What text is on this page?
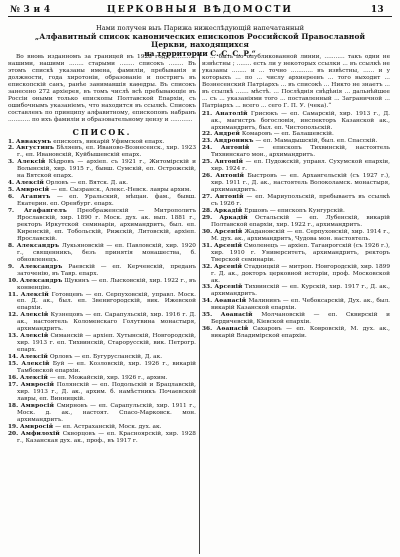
№ 3 и 4	ЦЕРКОВНЫЯ ВѢДОМОСТИ	13
Нами получен выъ Парижа нижеслѣдующій напечатанный
„Алфавитный список канонических епископов Российской Православной Церкви, находящихся
на территории С. С. С. Р.“

Во вновь изданномъ за границей въ 1928 году, ............ нашими, нашими ........ старыми ........ списокъ ........ Въ этомъ спискѣ указаны имена, фамиліи, пребыванія и должности, года хиротоніи, образованіе и постригъ въ епископскій санъ, ранѣе занимавшія каѳедры. Въ списокъ занесено 272 архіерея, въ томъ числѣ всѣ пребывающіе въ Россіи оными только епископы Полтавской Епархіи, съ ошибочнымъ указаніемъ, что находится въ ссылкѣ. Списокъ составленъ по принципу алфавитному, епископовъ набранъ ............ по ихъ фамиліи и образовательному цензу и ............

СПИСОК.
1. Аввакумъ епископъ, викарій Уфимской епарх.
2. Августинъ Бѣляевъ, еп. Иваново-Вознесенск., хир. 1923 г., еп. Ивановскій, Куйбышевскій епарх.
3. Алексій Кѣдровъ — архіеп. съ 1921 г., Житомірскій и Волынскій, хир. 1915 г., бывш. Сумскій, еп. Острожскій, на Вятской епарх.
4. Алексій Орловъ — еп. Вятск. Д. ак.
5. Амвросій — еп. Сызранск., Алекс.-Невск. лавры архим.
6. Агапитъ — еп. Уральский, мѣщан. фам., бывш. Екатерин. еп. Оренбург. епарх.
7. Агафангелъ Преображенскій — Митрополитъ Ярославскій, хир. 1890 г. Моск. дух. ак. вып. 1881 г., ректоръ Иркутской семинаріи, архимандритъ, был. еп. Киренскій, еп. Тобольскій, Рижскій, Литовскій, архіеп. Ярославскій.
8. Александръ Лукьяновскій — еп. Павловскій, хир. 1920 г., священникъ, безъ принятія монашества, б. обновленецъ.
9. Александръ Раевскій — еп. Керченскій, преданъ заточенію, въ Тавр. епарх.
10. Александръ Щукинъ — еп. Лысковскій, хир. 1922 г., въ конвенцію.
11. Алексій Готовцевъ — еп. Серпуховскій, управл. Моск. еп. Д. ак., был. еп. Звенигородскій, вик. Ижевской епархіи.
12. Алексій Кузнецовъ — еп. Сарапульскій, хир. 1916 г. Д. ак., настоятель Коломенскаго Голутвина монастыря, архимандритъ.
13. Алексій Симанскій — архіеп. Хутынскій, Новгородскій, хир. 1913 г. еп. Тихвинскій, Старорусскій, вик. Петрогр. епарх.
14. Алексій Орловъ — еп. Бугурусланскій, Д. ак.
15. Алексій Буй — еп. Козловскій, хир. 1926 г., викарій Тамбовской епархіи.
16. Алексій — еп. Можайскій, хир. 1926 г., архим.
17. Амвросій Полянскій — еп. Подольскій и Брацлавскій, хир. 1913 г., Д. ак., архим. б. намѣстникъ Почаевской лавры, еп. Винницкій.
18. Амвросій Смирновъ — еп. Сарапульскій, хир. 1911 г., Моск. д. ак., настоят. Спасо-Марковск. мон. архимандритъ.
19. Амвросій — еп. Астраханскій, Моск. дух. ак.
20. Амфилохій Скворцовъ — еп. Красноярскій, хир. 1928 г., Казанская дух. ак., проф., въ 1917 г.

... быть по опубликованной линии, ........... такъ одни не извѣстны ; ........ есть ли у некоторых ссылки ... въ ссылкѣ не указаны ........ и ... точно ............ въ извѣстны, ...... и у которыхъ ... по ... числу архиереевъ ... того выходит ... Вознесенский Патріархъ ... въ списокѣ ... Никто не знаетъ ... въ ссылкѣ ....... мѣстѣ. ... Послѣднія свѣдѣнія ... дальнѣйшее ... съ ... указаніями того ... поставленный ... Заграничной ... Патріархъ ... всего ... сего Г. П. У. (чека).“

21. Анатолій Грисюкъ — еп. Самарскій, хир. 1913 г., Д. ак., магистръ богословія, инспекторъ Казанской ак., архимандритъ, был. еп. Чистопольскій.
22. Андрей Комаровъ — еп. Балашевскій.
23. Андроникъ — еп. Мамадышскій, был. еп. Спасскій.
24. Антоній — епископъ Тихвинскій, настоятель Тихвинскаго мон., архимандритъ.
25. Антоній — еп. Пудожскій, управл. Сухумской епархіи, хир. 1924 г.
26. Антоній Быстровъ — еп. Архангельскій (съ 1927 г.), хир. 1911 г., Д. ак., настоятель Волоколамск. монастыря, архимандритъ.
27. Антоній — еп. Мариупольскій, пребываетъ въ ссылкѣ съ 1926 г.
28. Аркадій Ершовъ — епископъ Кунгурскій.
29. Аркадій Остальскій — еп. Лубенскій, викарій Полтавской епархіи, хир. 1922 г., архимандритъ.
30. Арсеній Жадановскій — еп. Серпуховскій, хир. 1914 г., М. дух. ак., архимандритъ, Чудова мон. настоятель.
31. Арсеній Смоленецъ — архіеп. Таганрогскій (съ 1926 г.), хир. 1910 г. Университетъ, архимандритъ, ректоръ Тверской семинаріи.
32. Арсеній Стадницкій — митроп. Новгородскій, хир. 1899 г. Д. ак., докторъ церковной исторіи, проф. Московской ак.
33. Арсеній Тихвинскій — еп. Курскій, хир. 1917 г., Д. ак., архимандритъ.
34. Аѳанасій Малининъ — еп. Чебоксарскій, Дух. ак., был. викарій Казанской епархіи.
35. Аѳанасій Молчановскій — еп. Сквирскій и Бердичевскій, Кіевской епархіи.
36. Аѳанасій Сахаровъ — еп. Ковровскій, М. дух. ак., викарій Владимірской епархіи.
